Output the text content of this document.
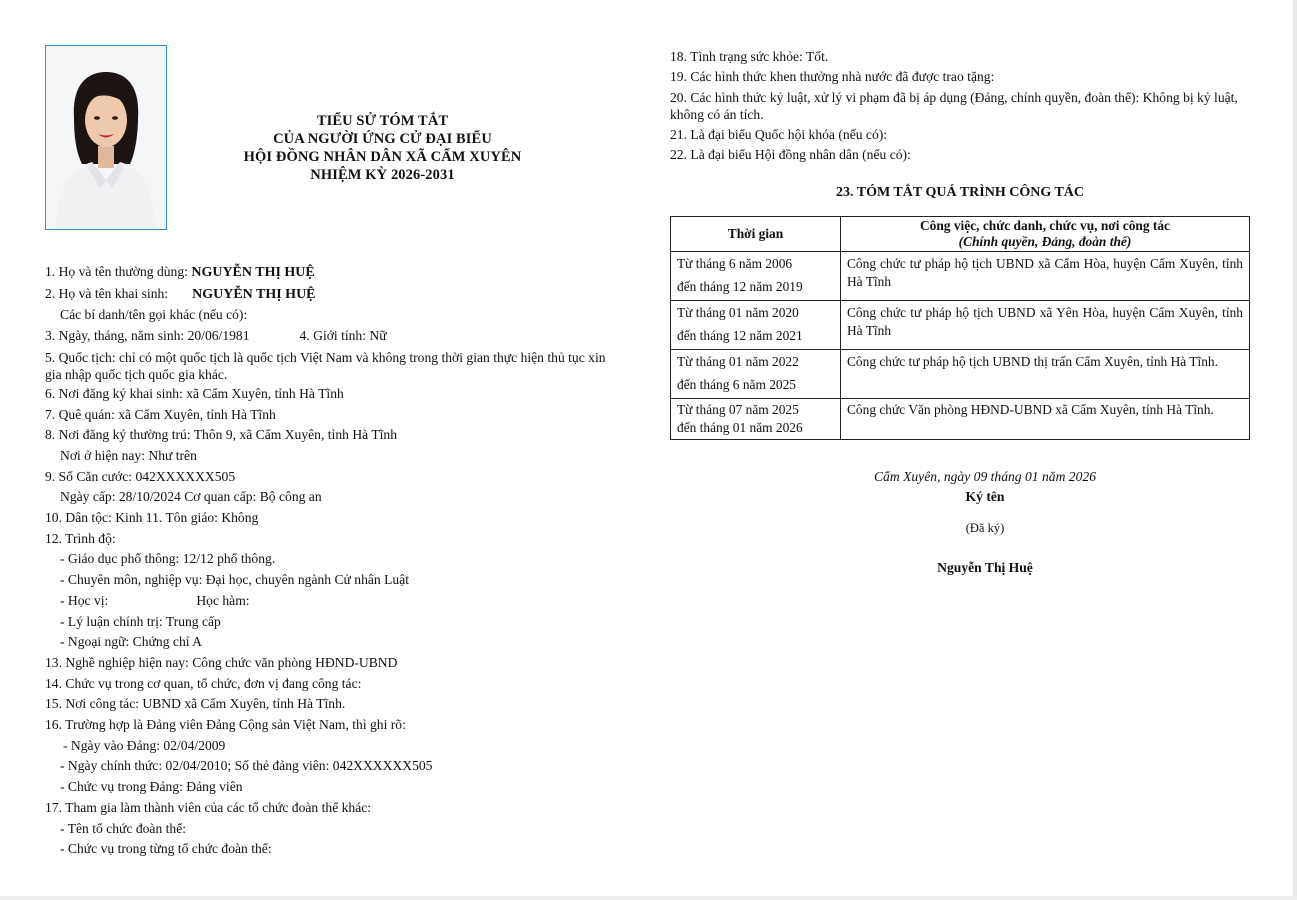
TIỂU SỬ TÓM TẮT
CỦA NGƯỜI ỨNG CỬ ĐẠI BIỂU
HỘI ĐỒNG NHÂN DÂN XÃ CẨM XUYÊN
NHIỆM KỲ 2026-2031
1. Họ và tên thường dùng: NGUYỄN THỊ HUỆ
2. Họ và tên khai sinh: NGUYỄN THỊ HUỆ
Các bí danh/tên gọi khác (nếu có):
3. Ngày, tháng, năm sinh: 20/06/1981	4. Giới tính: Nữ
5. Quốc tịch: chỉ có một quốc tịch là quốc tịch Việt Nam và không trong thời gian thực hiện thủ tục xin gia nhập quốc tịch quốc gia khác.
6. Nơi đăng ký khai sinh: xã Cẩm Xuyên, tỉnh Hà Tĩnh
7. Quê quán: xã Cẩm Xuyên, tỉnh Hà Tĩnh
8. Nơi đăng ký thường trú: Thôn 9, xã Cẩm Xuyên, tỉnh Hà Tĩnh
Nơi ở hiện nay: Như trên
9. Số Căn cước: 042XXXXXX505
Ngày cấp: 28/10/2024 Cơ quan cấp: Bộ công an
10. Dân tộc: Kinh 11. Tôn giáo: Không
12. Trình độ:
- Giáo dục phổ thông: 12/12 phổ thông.
- Chuyên môn, nghiệp vụ: Đại học, chuyên ngành Cử nhân Luật
- Học vị:	Học hàm:
- Lý luận chính trị: Trung cấp
- Ngoại ngữ: Chứng chỉ A
13. Nghề nghiệp hiện nay: Công chức văn phòng HĐND-UBND
14. Chức vụ trong cơ quan, tổ chức, đơn vị đang công tác:
15. Nơi công tác: UBND xã Cẩm Xuyên, tỉnh Hà Tĩnh.
16. Trường hợp là Đảng viên Đảng Cộng sản Việt Nam, thì ghi rõ:
- Ngày vào Đảng: 02/04/2009
- Ngày chính thức: 02/04/2010; Số thẻ đảng viên: 042XXXXXX505
- Chức vụ trong Đảng: Đảng viên
17. Tham gia làm thành viên của các tổ chức đoàn thể khác:
- Tên tổ chức đoàn thể:
- Chức vụ trong từng tổ chức đoàn thể:
18. Tình trạng sức khỏe: Tốt.
19. Các hình thức khen thưởng nhà nước đã được trao tặng:
20. Các hình thức kỷ luật, xử lý vi phạm đã bị áp dụng (Đảng, chính quyền, đoàn thể): Không bị kỷ luật, không có án tích.
21. Là đại biểu Quốc hội khóa (nếu có):
22. Là đại biểu Hội đồng nhân dân (nếu có):
23. TÓM TẮT QUÁ TRÌNH CÔNG TÁC
Thời gian	Công việc, chức danh, chức vụ, nơi công tác
(Chính quyền, Đảng, đoàn thể)

Từ tháng 6 năm 2006
đến tháng 12 năm 2019	Công chức tư pháp hộ tịch UBND xã Cẩm Hòa, huyện Cẩm Xuyên, tỉnh Hà Tĩnh

Từ tháng 01 năm 2020
đến tháng 12 năm 2021	Công chức tư pháp hộ tịch UBND xã Yên Hòa, huyện Cẩm Xuyên, tỉnh Hà Tĩnh

Từ tháng 01 năm 2022
đến tháng 6 năm 2025	Công chức tư pháp hộ tịch UBND thị trấn Cẩm Xuyên, tỉnh Hà Tĩnh.

Từ tháng 07 năm 2025
đến tháng 01 năm 2026	Công chức Văn phòng HĐND-UBND xã Cẩm Xuyên, tỉnh Hà Tĩnh.
Cẩm Xuyên, ngày 09 tháng 01 năm 2026
Ký tên
(Đã ký)
Nguyễn Thị Huệ
